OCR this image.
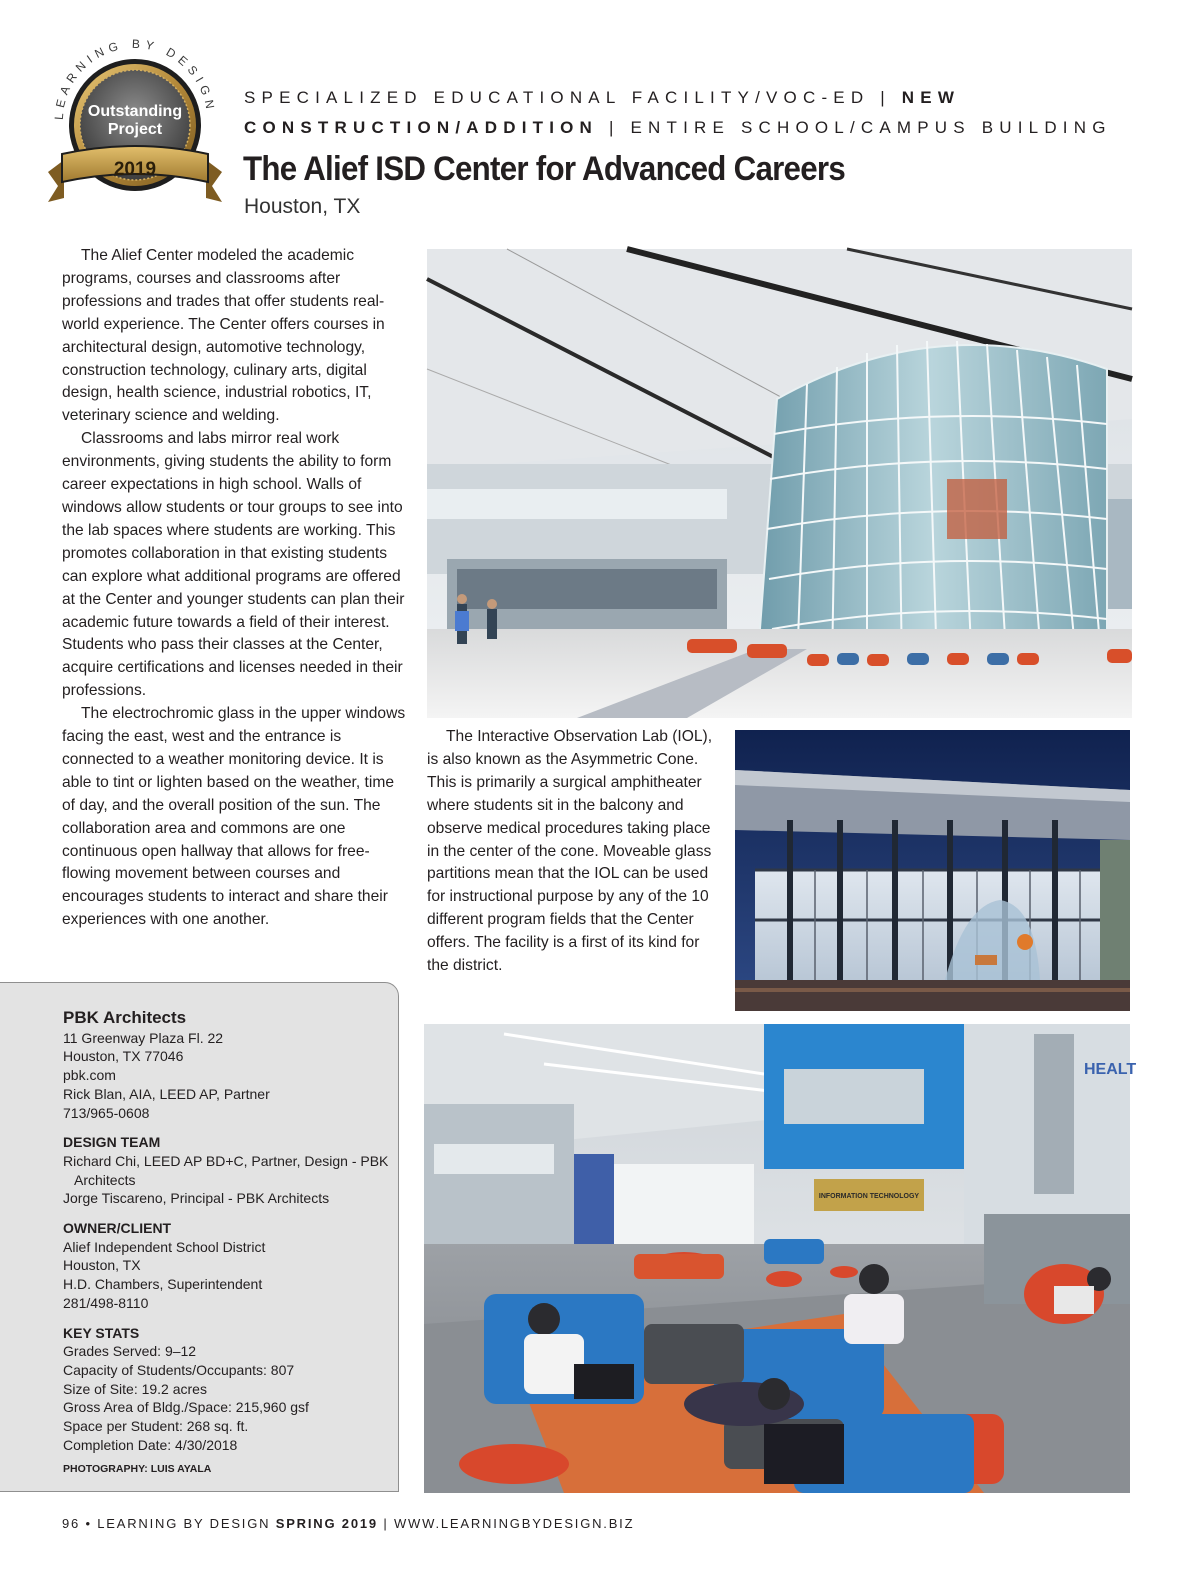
LEARNING BY DESIGN
Outstanding
Project
2019
SPECIALIZED EDUCATIONAL FACILITY/VOC-ED | NEW
CONSTRUCTION/ADDITION | ENTIRE SCHOOL/CAMPUS BUILDING
The Alief ISD Center for Advanced Careers
Houston, TX

The Alief Center modeled the academic programs, courses and classrooms after professions and trades that offer students real-world experience. The Center offers courses in architectural design, automotive technology, construction technology, culinary arts, digital design, health science, industrial robotics, IT, veterinary science and welding.

Classrooms and labs mirror real work environments, giving students the ability to form career expectations in high school. Walls of windows allow students or tour groups to see into the lab spaces where students are working. This promotes collaboration in that existing students can explore what additional programs are offered at the Center and younger students can plan their academic future towards a field of their interest. Students who pass their classes at the Center, acquire certifications and licenses needed in their professions.

The electrochromic glass in the upper windows facing the east, west and the entrance is connected to a weather monitoring device. It is able to tint or lighten based on the weather, time of day, and the overall position of the sun. The collaboration area and commons are one continuous open hallway that allows for free-flowing movement between courses and encourages students to interact and share their experiences with one another.

The Interactive Observation Lab (IOL), is also known as the Asymmetric Cone. This is primarily a surgical amphitheater where students sit in the balcony and observe medical procedures taking place in the center of the cone. Moveable glass partitions mean that the IOL can be used for instructional purpose by any of the 10 different program fields that the Center offers. The facility is a first of its kind for the district.

PBK Architects
11 Greenway Plaza Fl. 22
Houston, TX 77046
pbk.com
Rick Blan, AIA, LEED AP, Partner
713/965-0608
DESIGN TEAM
Richard Chi, LEED AP BD+C, Partner, Design - PBK
Architects
Jorge Tiscareno, Principal - PBK Architects
OWNER/CLIENT
Alief Independent School District
Houston, TX
H.D. Chambers, Superintendent
281/498-8110
KEY STATS
Grades Served: 9–12
Capacity of Students/Occupants: 807
Size of Site: 19.2 acres
Gross Area of Bldg./Space: 215,960 gsf
Space per Student: 268 sq. ft.
Completion Date: 4/30/2018
PHOTOGRAPHY: LUIS AYALA
HEALT
INFORMATION TECHNOLOGY
96 • LEARNING BY DESIGN SPRING 2019 | WWW.LEARNINGBYDESIGN.BIZ
